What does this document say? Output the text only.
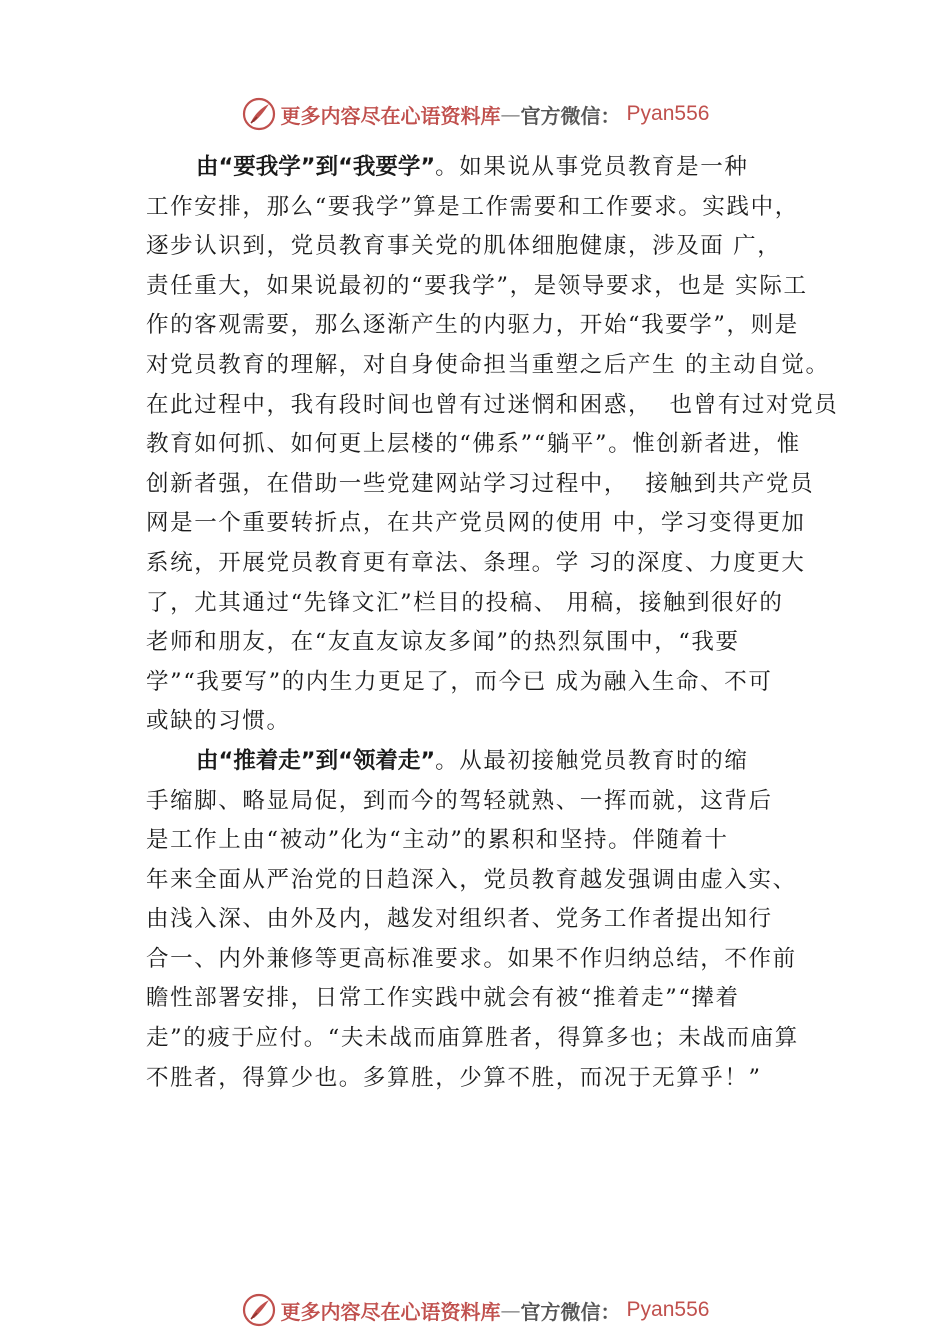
更多内容尽在心语资料库 — 官方微信： Pyan556
由“要我学”到“我要学”。如果说从事党员教育是一种
工作安排，那么“要我学”算是工作需要和工作要求。实践中，
逐步认识到，党员教育事关党的肌体细胞健康，涉及面 广，
责任重大，如果说最初的“要我学”，是领导要求，也是 实际工
作的客观需要，那么逐渐产生的内驱力，开始“我要学”，则是
对党员教育的理解，对自身使命担当重塑之后产生 的主动自觉。
在此过程中，我有段时间也曾有过迷惘和困惑，  也曾有过对党员
教育如何抓、如何更上层楼的“佛系”“躺平”。惟创新者进，惟
创新者强，在借助一些党建网站学习过程中，  接触到共产党员
网是一个重要转折点，在共产党员网的使用 中，学习变得更加
系统，开展党员教育更有章法、条理。学 习的深度、力度更大
了，尤其通过“先锋文汇”栏目的投稿、 用稿，接触到很好的
老师和朋友，在“友直友谅友多闻”的热烈氛围中，“我要
学”“我要写”的内生力更足了，而今已 成为融入生命、不可
或缺的习惯。
由“推着走”到“领着走”。从最初接触党员教育时的缩
手缩脚、略显局促，到而今的驾轻就熟、一挥而就，这背后
是工作上由“被动”化为“主动”的累积和坚持。伴随着十
年来全面从严治党的日趋深入，党员教育越发强调由虚入实、
由浅入深、由外及内，越发对组织者、党务工作者提出知行
合一、内外兼修等更高标准要求。如果不作归纳总结，不作前
瞻性部署安排，日常工作实践中就会有被“推着走”“撵着
走”的疲于应付。“夫未战而庙算胜者，得算多也；未战而庙算
不胜者，得算少也。多算胜，少算不胜，而况于无算乎！”
更多内容尽在心语资料库 — 官方微信： Pyan556
